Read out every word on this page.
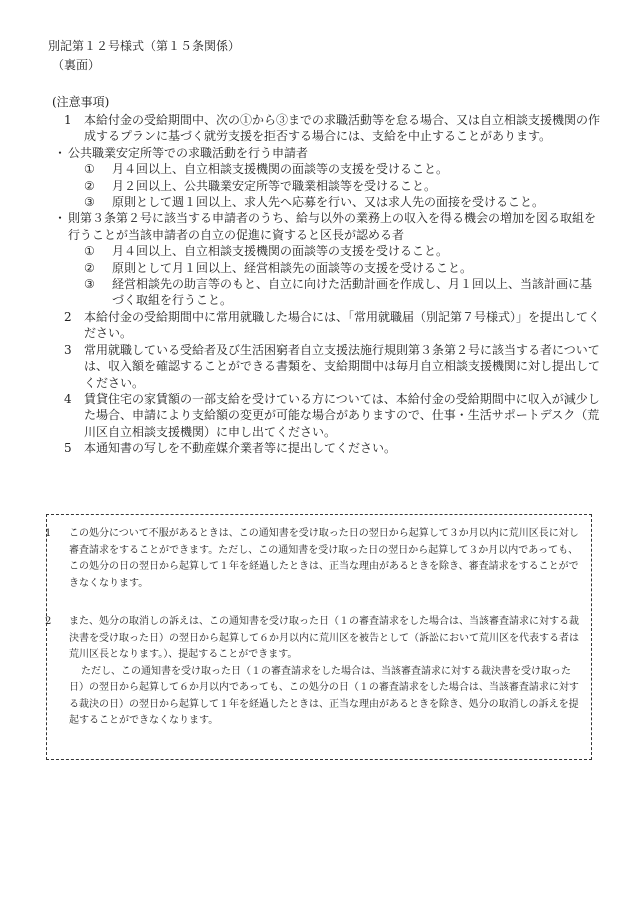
別記第１２号様式（第１５条関係）
（裏面）
(注意事項)
1	本給付金の受給期間中、次の①から③までの求職活動等を怠る場合、又は自立相談支援機関の作成するプランに基づく就労支援を拒否する場合には、支給を中止することがあります。
・ 公共職業安定所等での求職活動を行う申請者
①	月４回以上、自立相談支援機関の面談等の支援を受けること。
②	月２回以上、公共職業安定所等で職業相談等を受けること。
③	原則として週１回以上、求人先へ応募を行い、又は求人先の面接を受けること。
・ 則第３条第２号に該当する申請者のうち、給与以外の業務上の収入を得る機会の増加を図る取組を行うことが当該申請者の自立の促進に資すると区長が認める者
①	月４回以上、自立相談支援機関の面談等の支援を受けること。
②	原則として月１回以上、経営相談先の面談等の支援を受けること。
③	経営相談先の助言等のもと、自立に向けた活動計画を作成し、月１回以上、当該計画に基づく取組を行うこと。
2	本給付金の受給期間中に常用就職した場合には、「常用就職届（別記第７号様式）」を提出してください。
3	常用就職している受給者及び生活困窮者自立支援法施行規則第３条第２号に該当する者については、収入額を確認することができる書類を、支給期間中は毎月自立相談支援機関に対し提出してください。
4	賃貸住宅の家賃額の一部支給を受けている方については、本給付金の受給期間中に収入が減少した場合、申請により支給額の変更が可能な場合がありますので、仕事・生活サポートデスク（荒川区自立相談支援機関）に申し出てください。
5	本通知書の写しを不動産媒介業者等に提出してください。
1 この処分について不服があるときは、この通知書を受け取った日の翌日から起算して３か月以内に荒川区長に対し審査請求をすることができます。ただし、この通知書を受け取った日の翌日から起算して３か月以内であっても、この処分の日の翌日から起算して１年を経過したときは、正当な理由があるときを除き、審査請求をすることができなくなります。
2 また、処分の取消しの訴えは、この通知書を受け取った日（１の審査請求をした場合は、当該審査請求に対する裁決書を受け取った日）の翌日から起算して６か月以内に荒川区を被告として（訴訟において荒川区を代表する者は荒川区長となります。）、提起することができます。
ただし、この通知書を受け取った日（１の審査請求をした場合は、当該審査請求に対する裁決書を受け取った日）の翌日から起算して６か月以内であっても、この処分の日（１の審査請求をした場合は、当該審査請求に対する裁決の日）の翌日から起算して１年を経過したときは、正当な理由があるときを除き、処分の取消しの訴えを提起することができなくなります。
